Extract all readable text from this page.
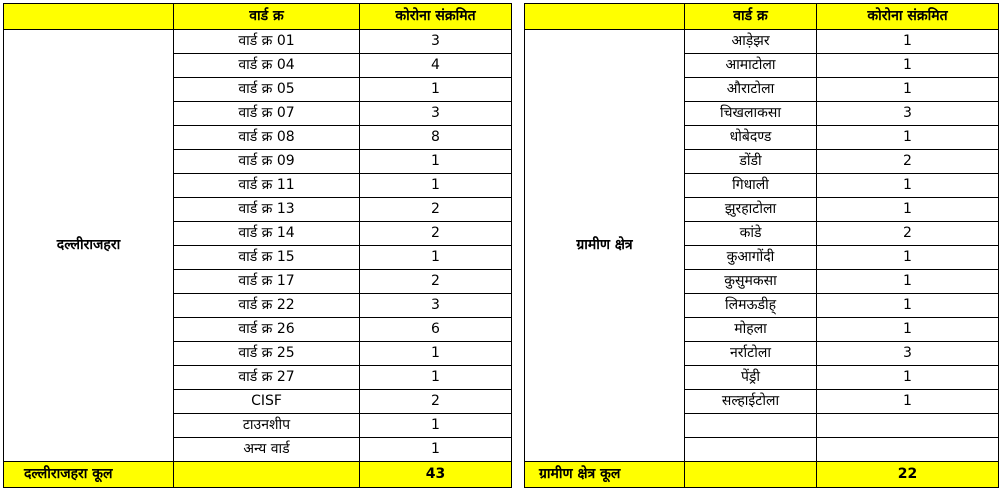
	वार्ड क्र	कोरोना संक्रमित
दल्लीराजहरा	वार्ड क्र 01	3
	वार्ड क्र 04	4
	वार्ड क्र 05	1
	वार्ड क्र 07	3
	वार्ड क्र 08	8
	वार्ड क्र 09	1
	वार्ड क्र 11	1
	वार्ड क्र 13	2
	वार्ड क्र 14	2
	वार्ड क्र 15	1
	वार्ड क्र 17	2
	वार्ड क्र 22	3
	वार्ड क्र 26	6
	वार्ड क्र 25	1
	वार्ड क्र 27	1
	CISF	2
	टाउनशीप	1
	अन्य वार्ड	1
दल्लीराजहरा कूल		43
	वार्ड क्र	कोरोना संक्रमित
ग्रामीण क्षेत्र	आड़ेझर	1
	आमाटोला	1
	औराटोला	1
	चिखलाकसा	3
	धोबेदण्ड	1
	डोंडी	2
	गिधाली	1
	झुरहाटोला	1
	कांडे	2
	कुआगोंदी	1
	कुसुमकसा	1
	लिमऊडीह्	1
	मोहला	1
	नर्राटोला	3
	पेंड्री	1
	सल्हाईटोला	1

ग्रामीण क्षेत्र कूल		22
